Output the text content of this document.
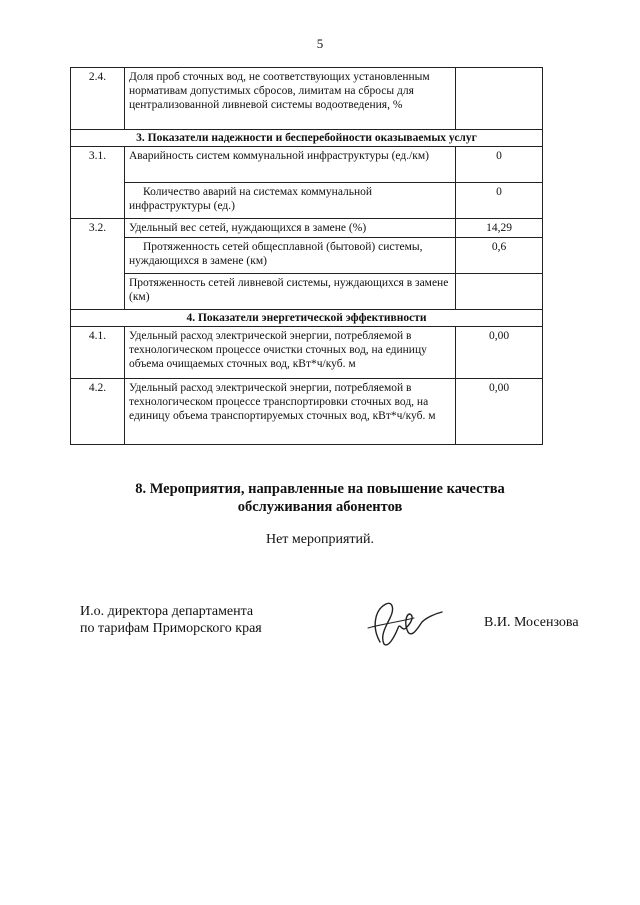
5
2.4.	Доля проб сточных вод, не соответствующих установленным нормативам допустимых сбросов, лимитам на сбросы для централизованной ливневой системы водоотведения, %	
3. Показатели надежности и бесперебойности оказываемых услуг		
3.1.	Аварийность систем коммунальной инфраструктуры (ед./км)	0
	Количество аварий на системах коммунальной инфраструктуры (ед.)	0
3.2.	Удельный вес сетей, нуждающихся в замене (%)	14,29
	Протяженность сетей общесплавной (бытовой) системы, нуждающихся в замене (км)	0,6
	Протяженность сетей ливневой системы, нуждающихся в замене (км)	
4. Показатели энергетической эффективности		
4.1.	Удельный расход электрической энергии, потребляемой в технологическом процессе очистки сточных вод, на единицу объема очищаемых сточных вод, кВт*ч/куб. м	0,00
4.2.	Удельный расход электрической энергии, потребляемой в технологическом процессе транспортировки сточных вод, на единицу объема транспортируемых сточных вод, кВт*ч/куб. м	0,00
8. Мероприятия, направленные на повышение качества
обслуживания абонентов
Нет мероприятий.
И.о. директора департамента
по тарифам Приморского края	В.И. Мосензова
